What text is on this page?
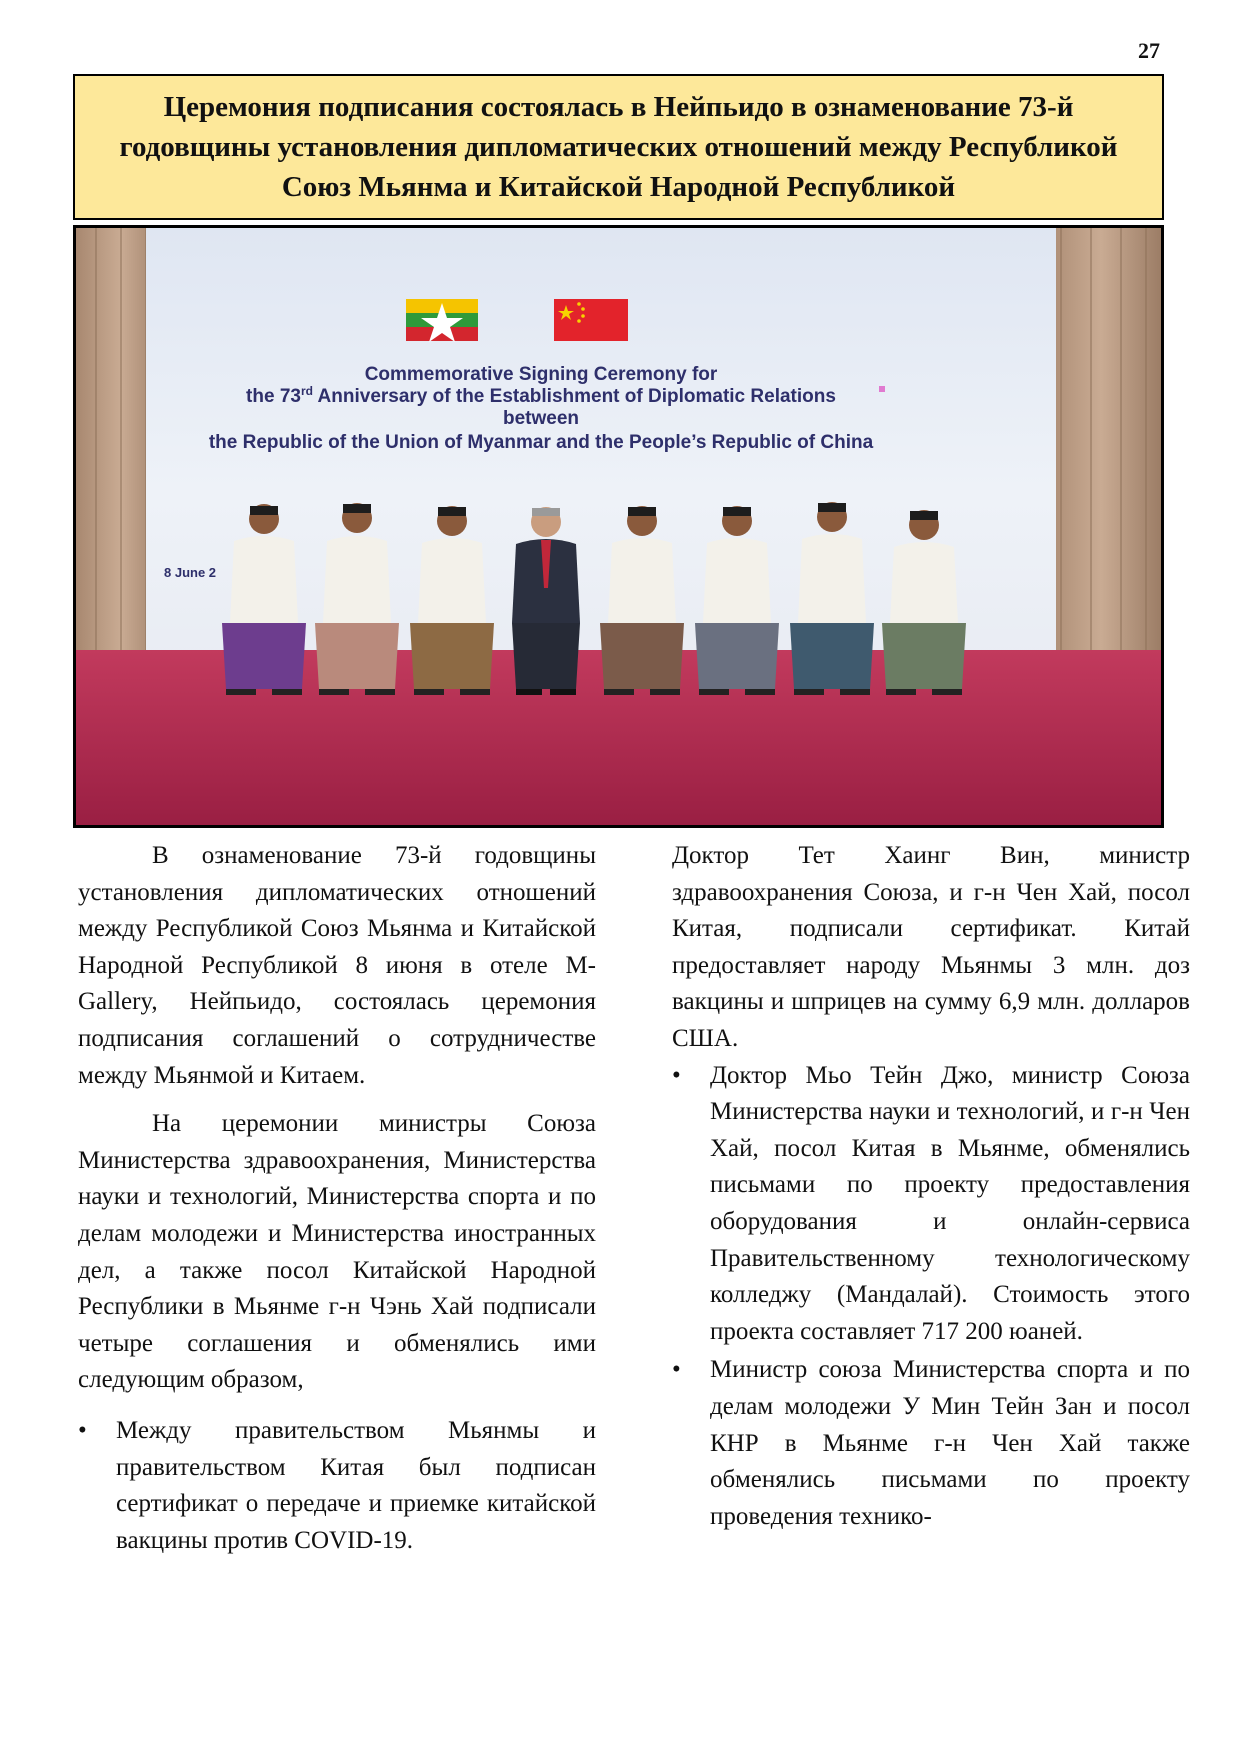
27
Церемония подписания состоялась в Нейпьидо в ознаменование 73-й годовщины установления дипломатических отношений между Республикой Союз Мьянма и Китайской Народной Республикой
Commemorative Signing Ceremony for
the 73rd Anniversary of the Establishment of Diplomatic Relations
between
the Republic of the Union of Myanmar and the People’s Republic of China
8 June 2

В ознаменование 73-й годовщины установления дипломатических отношений между Республикой Союз Мьянма и Китайской Народной Республикой 8 июня в отеле M-Gallery, Нейпьидо, состоялась церемония подписания соглашений о сотрудничестве между Мьянмой и Китаем.

На церемонии министры Союза Министерства здравоохранения, Министерства науки и технологий, Министерства спорта и по делам молодежи и Министерства иностранных дел, а также посол Китайской Народной Республики в Мьянме г-н Чэнь Хай подписали четыре соглашения и обменялись ими следующим образом,

• Между правительством Мьянмы и правительством Китая был подписан сертификат о передаче и приемке китайской вакцины против COVID-19.

Доктор Тет Хаинг Вин, министр здравоохранения Союза, и г-н Чен Хай, посол Китая, подписали сертификат. Китай предоставляет народу Мьянмы 3 млн. доз вакцины и шприцев на сумму 6,9 млн. долларов США.

• Доктор Мьо Тейн Джо, министр Союза Министерства науки и технологий, и г-н Чен Хай, посол Китая в Мьянме, обменялись письмами по проекту предоставления оборудования и онлайн-сервиса Правительственному технологическому колледжу (Мандалай). Стоимость этого проекта составляет 717 200 юаней.
• Министр союза Министерства спорта и по делам молодежи У Мин Тейн Зан и посол КНР в Мьянме г-н Чен Хай также обменялись письмами по проекту проведения технико-
